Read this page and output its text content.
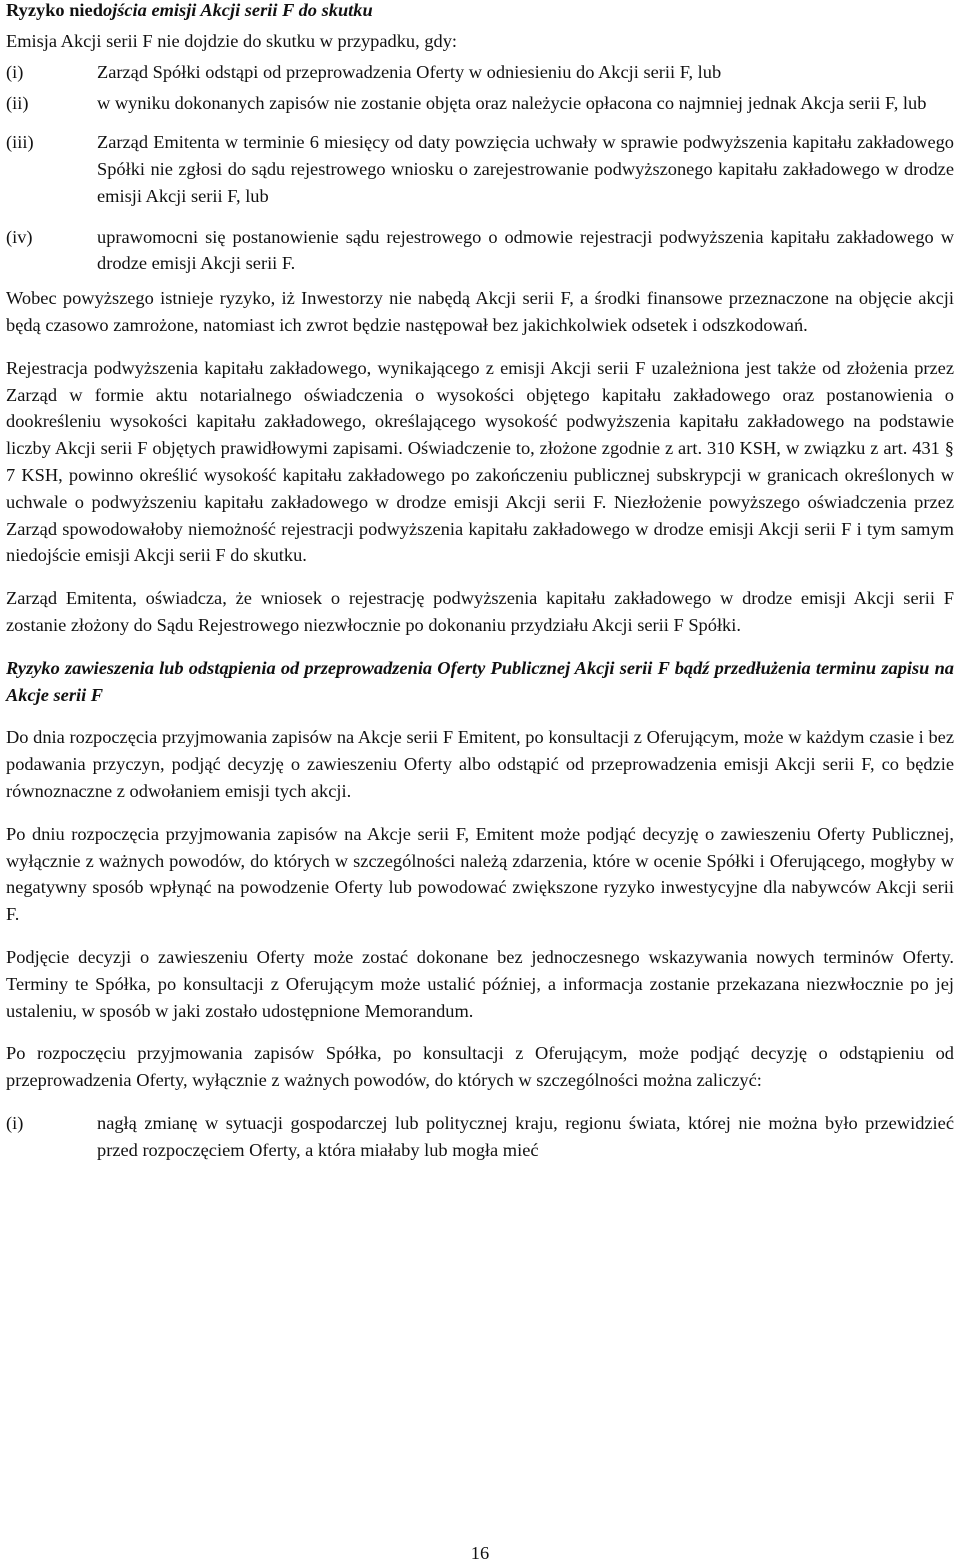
Ryzyko niedojścia emisji Akcji serii F do skutku

Emisja Akcji serii F nie dojdzie do skutku w przypadku, gdy:

(i)	Zarząd Spółki odstąpi od przeprowadzenia Oferty w odniesieniu do Akcji serii F, lub
(ii)	w wyniku dokonanych zapisów nie zostanie objęta oraz należycie opłacona co najmniej jednak Akcja serii F, lub
(iii)	Zarząd Emitenta w terminie 6 miesięcy od daty powzięcia uchwały w sprawie podwyższenia kapitału zakładowego Spółki nie zgłosi do sądu rejestrowego wniosku o zarejestrowanie podwyższonego kapitału zakładowego w drodze emisji Akcji serii F, lub
(iv)	uprawomocni się postanowienie sądu rejestrowego o odmowie rejestracji podwyższenia kapitału zakładowego w drodze emisji Akcji serii F.

Wobec powyższego istnieje ryzyko, iż Inwestorzy nie nabędą Akcji serii F, a środki finansowe przeznaczone na objęcie akcji będą czasowo zamrożone, natomiast ich zwrot będzie następował bez jakichkolwiek odsetek i odszkodowań.

Rejestracja podwyższenia kapitału zakładowego, wynikającego z emisji Akcji serii F uzależniona jest także od złożenia przez Zarząd w formie aktu notarialnego oświadczenia o wysokości objętego kapitału zakładowego oraz postanowienia o dookreśleniu wysokości kapitału zakładowego, określającego wysokość podwyższenia kapitału zakładowego na podstawie liczby Akcji serii F objętych prawidłowymi zapisami. Oświadczenie to, złożone zgodnie z art. 310 KSH, w związku z art. 431 § 7 KSH, powinno określić wysokość kapitału zakładowego po zakończeniu publicznej subskrypcji w granicach określonych w uchwale o podwyższeniu kapitału zakładowego w drodze emisji Akcji serii F. Niezłożenie powyższego oświadczenia przez Zarząd spowodowałoby niemożność rejestracji podwyższenia kapitału zakładowego w drodze emisji Akcji serii F i tym samym niedojście emisji Akcji serii F do skutku.

Zarząd Emitenta, oświadcza, że wniosek o rejestrację podwyższenia kapitału zakładowego w drodze emisji Akcji serii F zostanie złożony do Sądu Rejestrowego niezwłocznie po dokonaniu przydziału Akcji serii F Spółki.

Ryzyko zawieszenia lub odstąpienia od przeprowadzenia Oferty Publicznej Akcji serii F bądź przedłużenia terminu zapisu na Akcje serii F

Do dnia rozpoczęcia przyjmowania zapisów na Akcje serii F Emitent, po konsultacji z Oferującym, może w każdym czasie i bez podawania przyczyn, podjąć decyzję o zawieszeniu Oferty albo odstąpić od przeprowadzenia emisji Akcji serii F, co będzie równoznaczne z odwołaniem emisji tych akcji.

Po dniu rozpoczęcia przyjmowania zapisów na Akcje serii F, Emitent może podjąć decyzję o zawieszeniu Oferty Publicznej, wyłącznie z ważnych powodów, do których w szczególności należą zdarzenia, które w ocenie Spółki i Oferującego, mogłyby w negatywny sposób wpłynąć na powodzenie Oferty lub powodować zwiększone ryzyko inwestycyjne dla nabywców Akcji serii F.

Podjęcie decyzji o zawieszeniu Oferty może zostać dokonane bez jednoczesnego wskazywania nowych terminów Oferty. Terminy te Spółka, po konsultacji z Oferującym może ustalić później, a informacja zostanie przekazana niezwłocznie po jej ustaleniu, w sposób w jaki zostało udostępnione Memorandum.

Po rozpoczęciu przyjmowania zapisów Spółka, po konsultacji z Oferującym, może podjąć decyzję o odstąpieniu od przeprowadzenia Oferty, wyłącznie z ważnych powodów, do których w szczególności można zaliczyć:

(i)	nagłą zmianę w sytuacji gospodarczej lub politycznej kraju, regionu świata, której nie można było przewidzieć przed rozpoczęciem Oferty, a która miałaby lub mogła mieć
16
